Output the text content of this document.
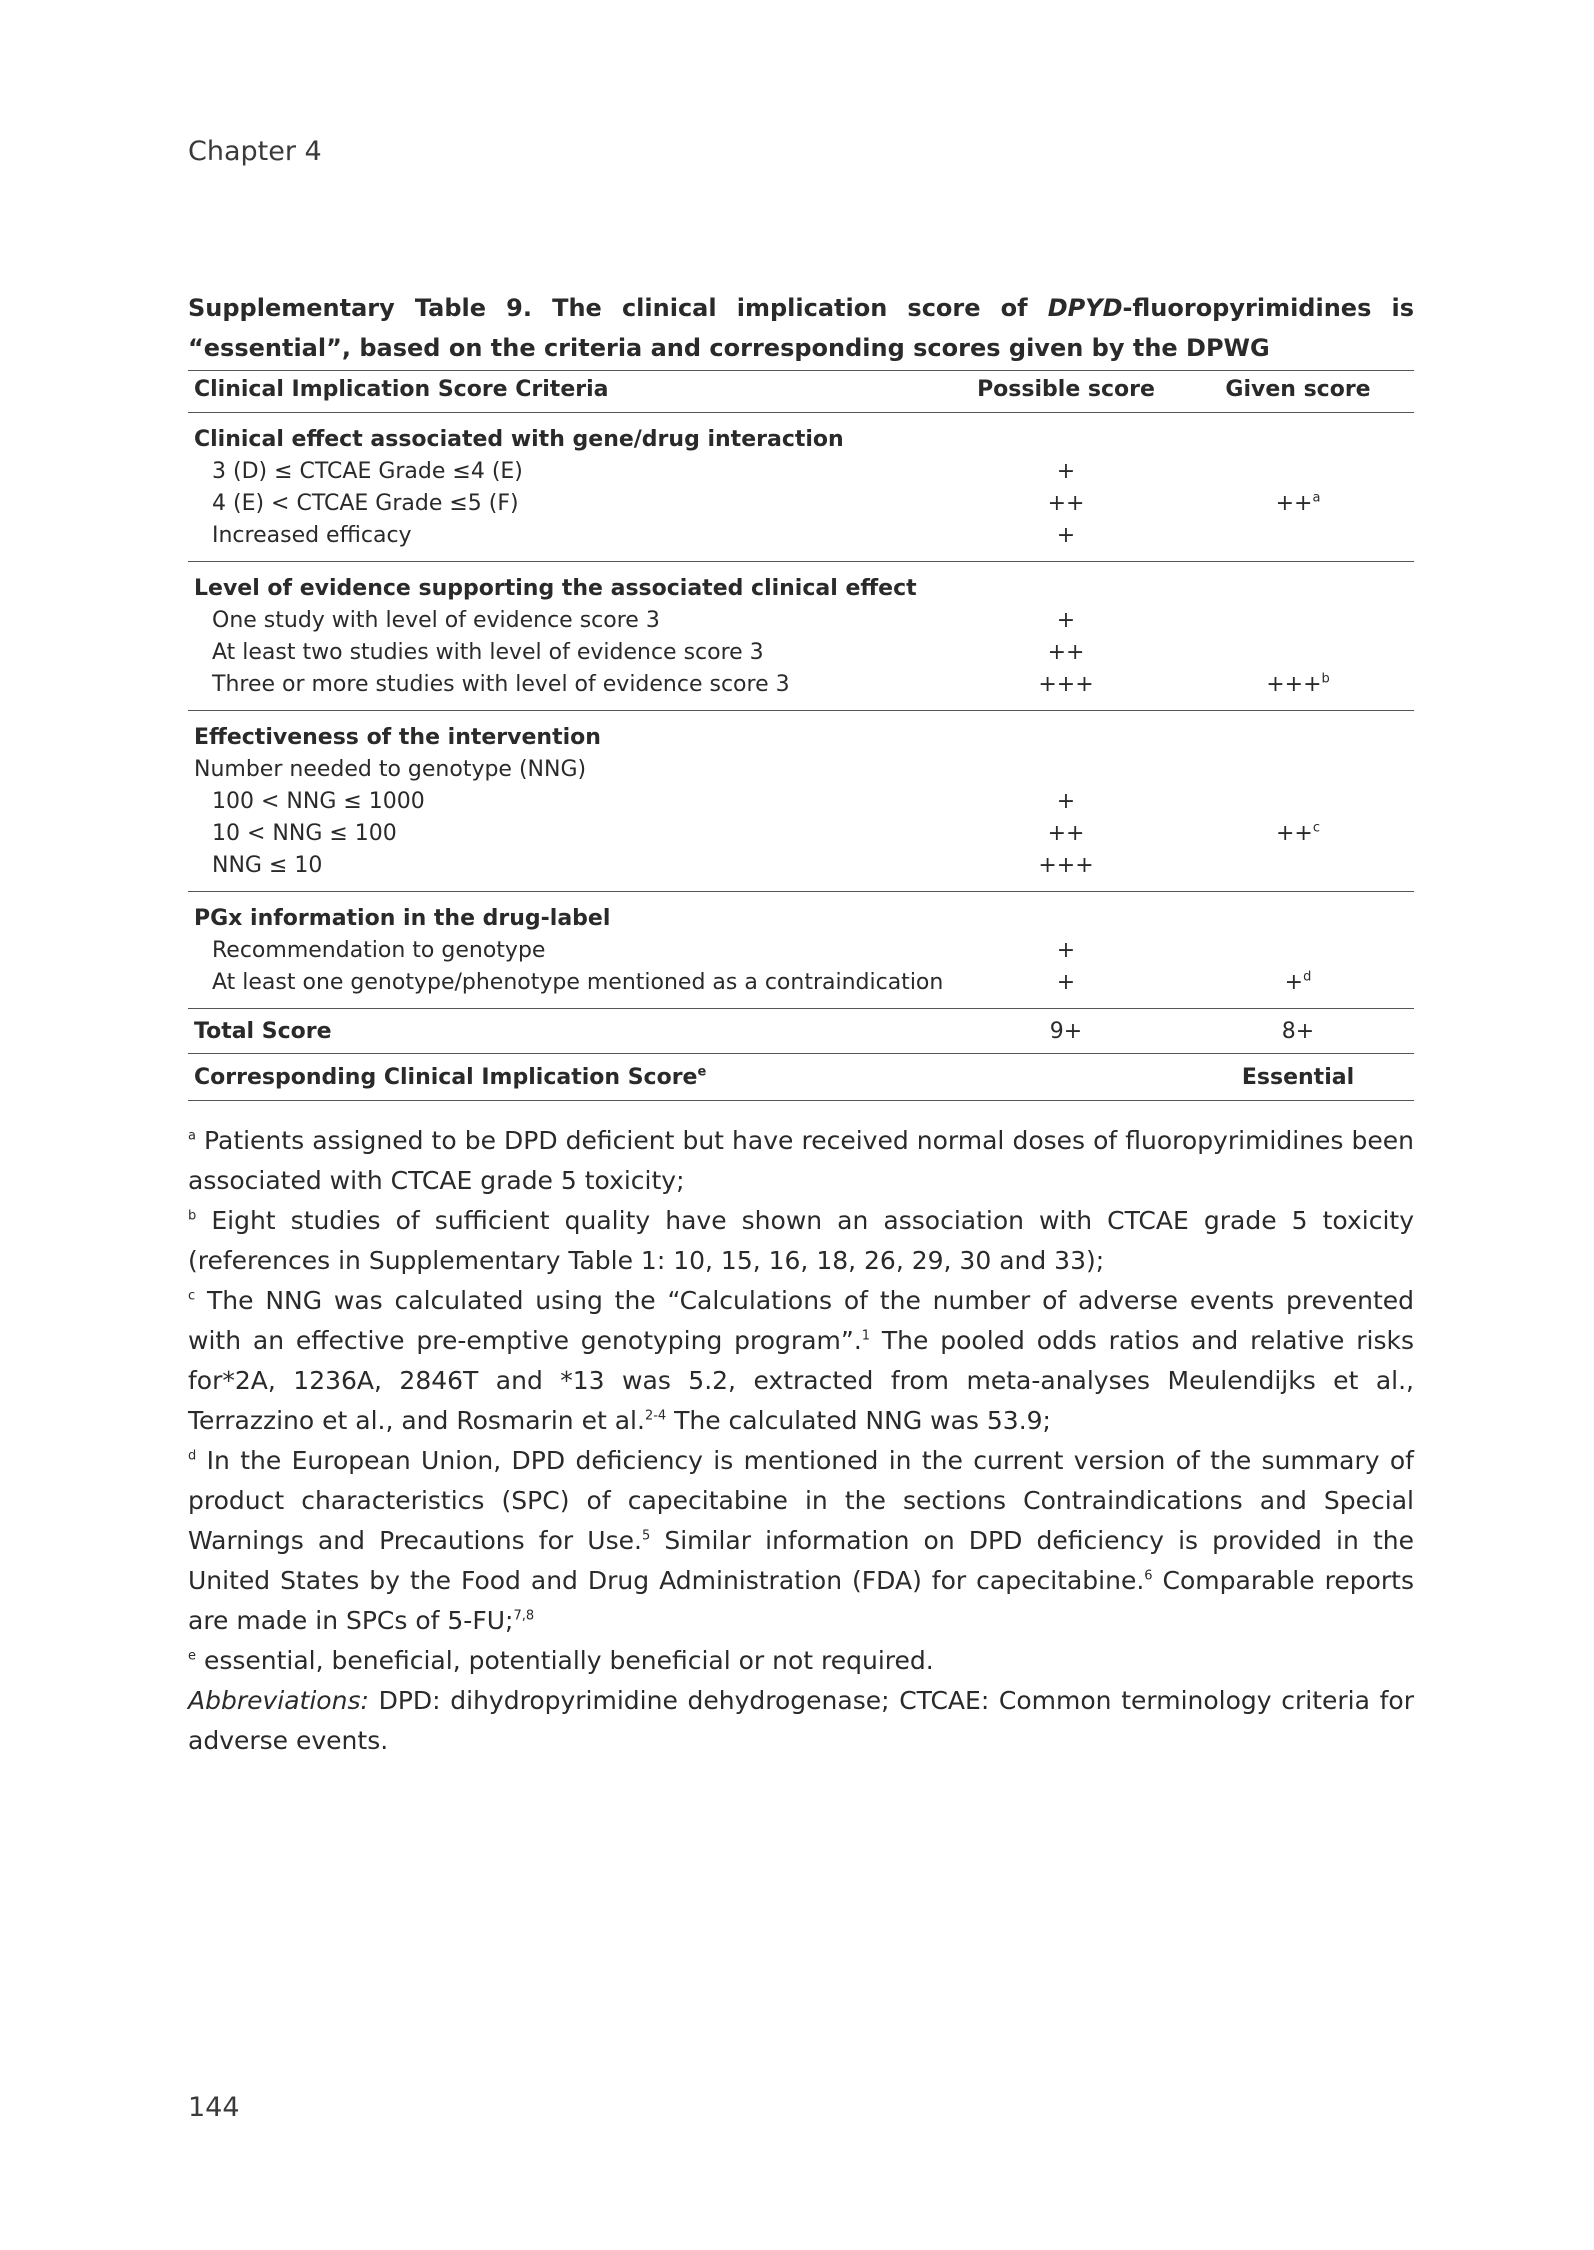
Chapter 4
Supplementary Table 9. The clinical implication score of DPYD-fluoropyrimidines is “essential”, based on the criteria and corresponding scores given by the DPWG
Clinical Implication Score Criteria	Possible score	Given score
Clinical effect associated with gene/drug interaction		
3 (D) ≤ CTCAE Grade ≤4 (E)	+	
4 (E) < CTCAE Grade ≤5 (F)	++	++$^a$
Increased efficacy	+	
Level of evidence supporting the associated clinical effect		
One study with level of evidence score 3	+	
At least two studies with level of evidence score 3	++	
Three or more studies with level of evidence score 3	+++	+++$^b$
Effectiveness of the intervention		
Number needed to genotype (NNG)		
100 < NNG ≤ 1000	+	
10 < NNG ≤ 100	++	++$^c$
NNG ≤ 10	+++	
PGx information in the drug-label		
Recommendation to genotype	+	
At least one genotype/phenotype mentioned as a contraindication	+	+$^d$
Total Score	9+	8+
Corresponding Clinical Implication Score$^e$		Essential

$^a$ Patients assigned to be DPD deficient but have received normal doses of fluoropyrimidines been associated with CTCAE grade 5 toxicity;

$^b$ Eight studies of sufficient quality have shown an association with CTCAE grade 5 toxicity (references in Supplementary Table 1: 10, 15, 16, 18, 26, 29, 30 and 33);

$^c$ The NNG was calculated using the “Calculations of the number of adverse events prevented with an effective pre-emptive genotyping program”.$^1$ The pooled odds ratios and relative risks for*2A, 1236A, 2846T and *13 was 5.2, extracted from meta-analyses Meulendijks et al., Terrazzino et al., and Rosmarin et al.$^{2-4}$ The calculated NNG was 53.9;

$^d$ In the European Union, DPD deficiency is mentioned in the current version of the summary of product characteristics (SPC) of capecitabine in the sections Contraindications and Special Warnings and Precautions for Use.$^5$ Similar information on DPD deficiency is provided in the United States by the Food and Drug Administration (FDA) for capecitabine.$^6$ Comparable reports are made in SPCs of 5-FU;$^{7,8}$

$^e$ essential, beneficial, potentially beneficial or not required.

Abbreviations: DPD: dihydropyrimidine dehydrogenase; CTCAE: Common terminology criteria for adverse events.

144
